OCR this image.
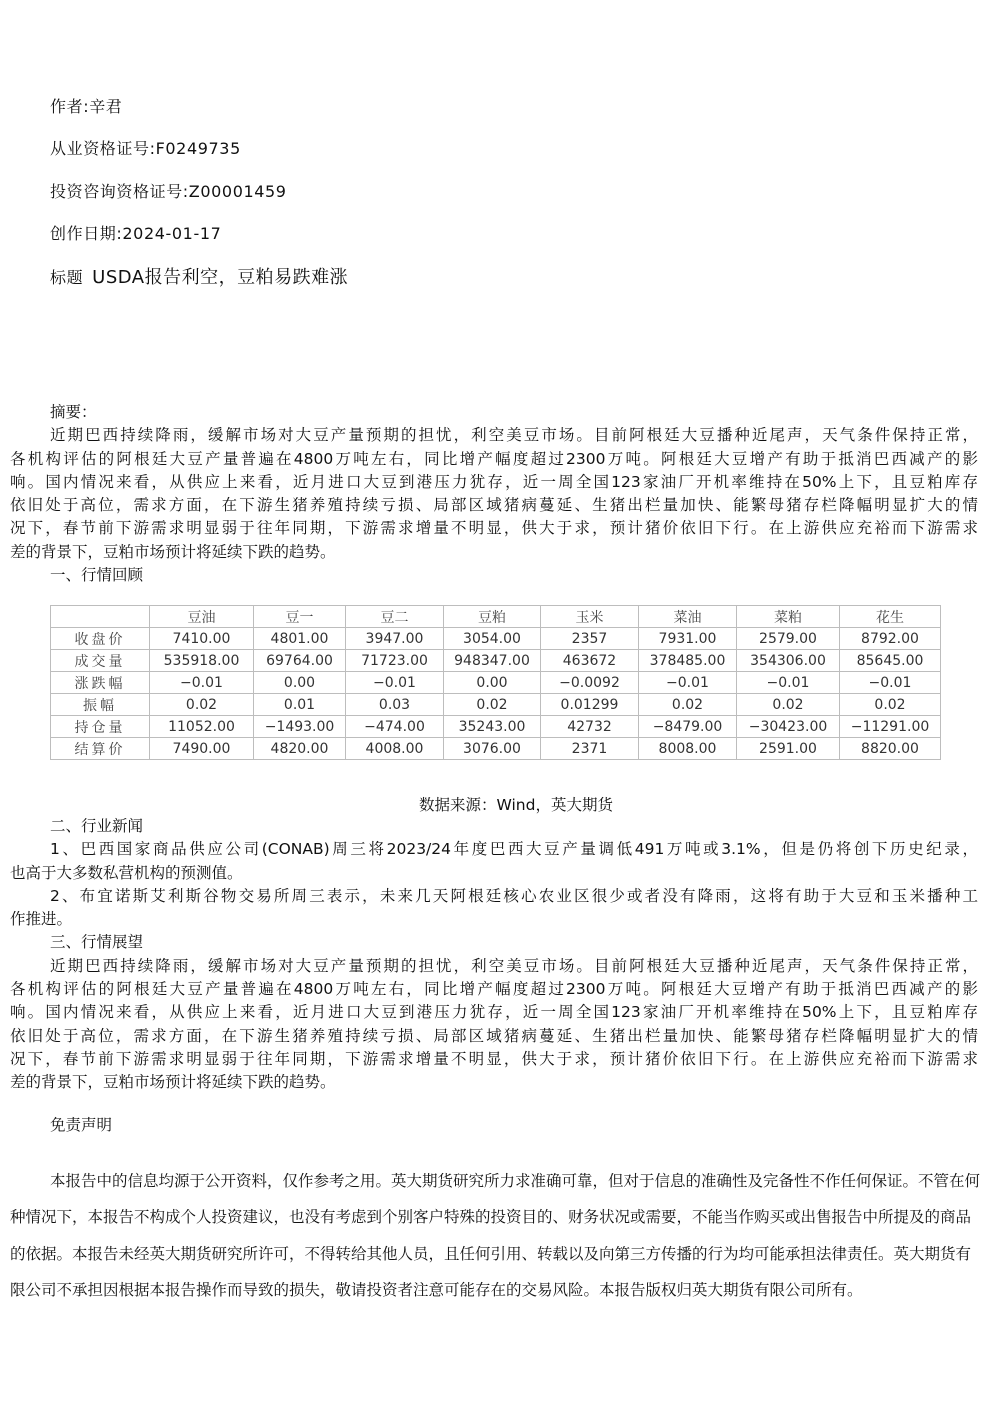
作者:辛君

从业资格证号:F0249735

投资咨询资格证号:Z00001459

创作日期:2024-01-17

标题 USDA报告利空，豆粕易跌难涨

摘要：

近期巴西持续降雨，缓解市场对大豆产量预期的担忧，利空美豆市场。目前阿根廷大豆播种近尾声，天气条件保持正常，

各机构评估的阿根廷大豆产量普遍在4800万吨左右，同比增产幅度超过2300万吨。阿根廷大豆增产有助于抵消巴西减产的影

响。国内情况来看，从供应上来看，近月进口大豆到港压力犹存，近一周全国123家油厂开机率维持在50%上下，且豆粕库存

依旧处于高位，需求方面，在下游生猪养殖持续亏损、局部区域猪病蔓延、生猪出栏量加快、能繁母猪存栏降幅明显扩大的情

况下，春节前下游需求明显弱于往年同期，下游需求增量不明显，供大于求，预计猪价依旧下行。在上游供应充裕而下游需求

差的背景下，豆粕市场预计将延续下跌的趋势。

一、行情回顾

	豆油	豆一	豆二	豆粕	玉米	菜油	菜粕	花生
收盘价	7410.00	4801.00	3947.00	3054.00	2357	7931.00	2579.00	8792.00
成交量	535918.00	69764.00	71723.00	948347.00	463672	378485.00	354306.00	85645.00
涨跌幅	−0.01	0.00	−0.01	0.00	−0.0092	−0.01	−0.01	−0.01
振幅	0.02	0.01	0.03	0.02	0.01299	0.02	0.02	0.02
持仓量	11052.00	−1493.00	−474.00	35243.00	42732	−8479.00	−30423.00	−11291.00
结算价	7490.00	4820.00	4008.00	3076.00	2371	8008.00	2591.00	8820.00

数据来源：Wind，英大期货

二、行业新闻

1、巴西国家商品供应公司(CONAB)周三将2023/24年度巴西大豆产量调低491万吨或3.1%，但是仍将创下历史纪录，

也高于大多数私营机构的预测值。

2、布宜诺斯艾利斯谷物交易所周三表示，未来几天阿根廷核心农业区很少或者没有降雨，这将有助于大豆和玉米播种工

作推进。

三、行情展望

近期巴西持续降雨，缓解市场对大豆产量预期的担忧，利空美豆市场。目前阿根廷大豆播种近尾声，天气条件保持正常，

各机构评估的阿根廷大豆产量普遍在4800万吨左右，同比增产幅度超过2300万吨。阿根廷大豆增产有助于抵消巴西减产的影

响。国内情况来看，从供应上来看，近月进口大豆到港压力犹存，近一周全国123家油厂开机率维持在50%上下，且豆粕库存

依旧处于高位，需求方面，在下游生猪养殖持续亏损、局部区域猪病蔓延、生猪出栏量加快、能繁母猪存栏降幅明显扩大的情

况下，春节前下游需求明显弱于往年同期，下游需求增量不明显，供大于求，预计猪价依旧下行。在上游供应充裕而下游需求

差的背景下，豆粕市场预计将延续下跌的趋势。

免责声明

本报告中的信息均源于公开资料，仅作参考之用。英大期货研究所力求准确可靠，但对于信息的准确性及完备性不作任何保证。不管在何种情况下，本报告不构成个人投资建议，也没有考虑到个别客户特殊的投资目的、财务状况或需要，不能当作购买或出售报告中所提及的商品的依据。本报告未经英大期货研究所许可，不得转给其他人员，且任何引用、转载以及向第三方传播的行为均可能承担法律责任。英大期货有限公司不承担因根据本报告操作而导致的损失，敬请投资者注意可能存在的交易风险。本报告版权归英大期货有限公司所有。
